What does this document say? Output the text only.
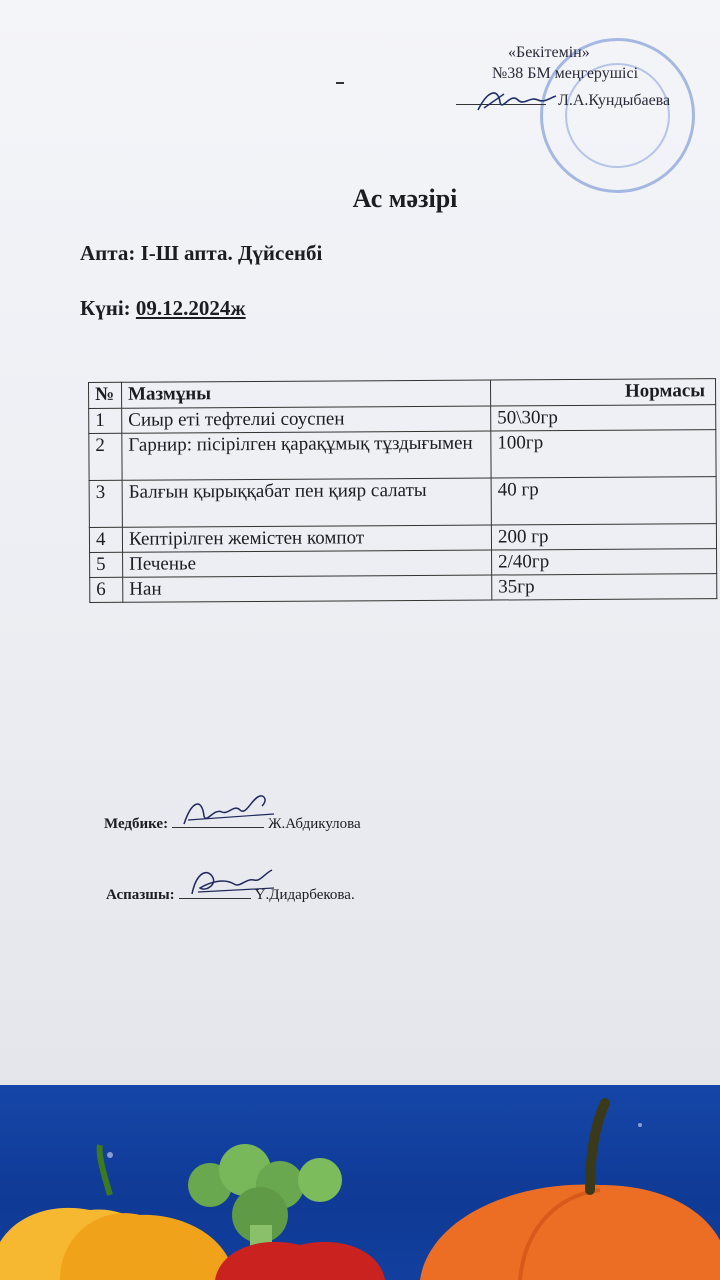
«Бекітемін»
№38 БМ меңгерушісі
Л.А.Кундыбаева
Ас мәзірі
Апта: І-Ш апта. Дүйсенбі
Күні: 09.12.2024ж
№	Мазмұны	Нормасы
1	Сиыр еті тефтелиі соуспен	50\30гр
2	Гарнир: пісірілген қарақұмық тұздығымен	100гр
3	Балғын қырыққабат пен қияр салаты	40 гр
4	Кептірілген жемістен компот	200 гр
5	Печенье	2/40гр
6	Нан	35гр
Медбике:	Ж.Абдикулова
Аспазшы:	Ү.Дидарбекова.
